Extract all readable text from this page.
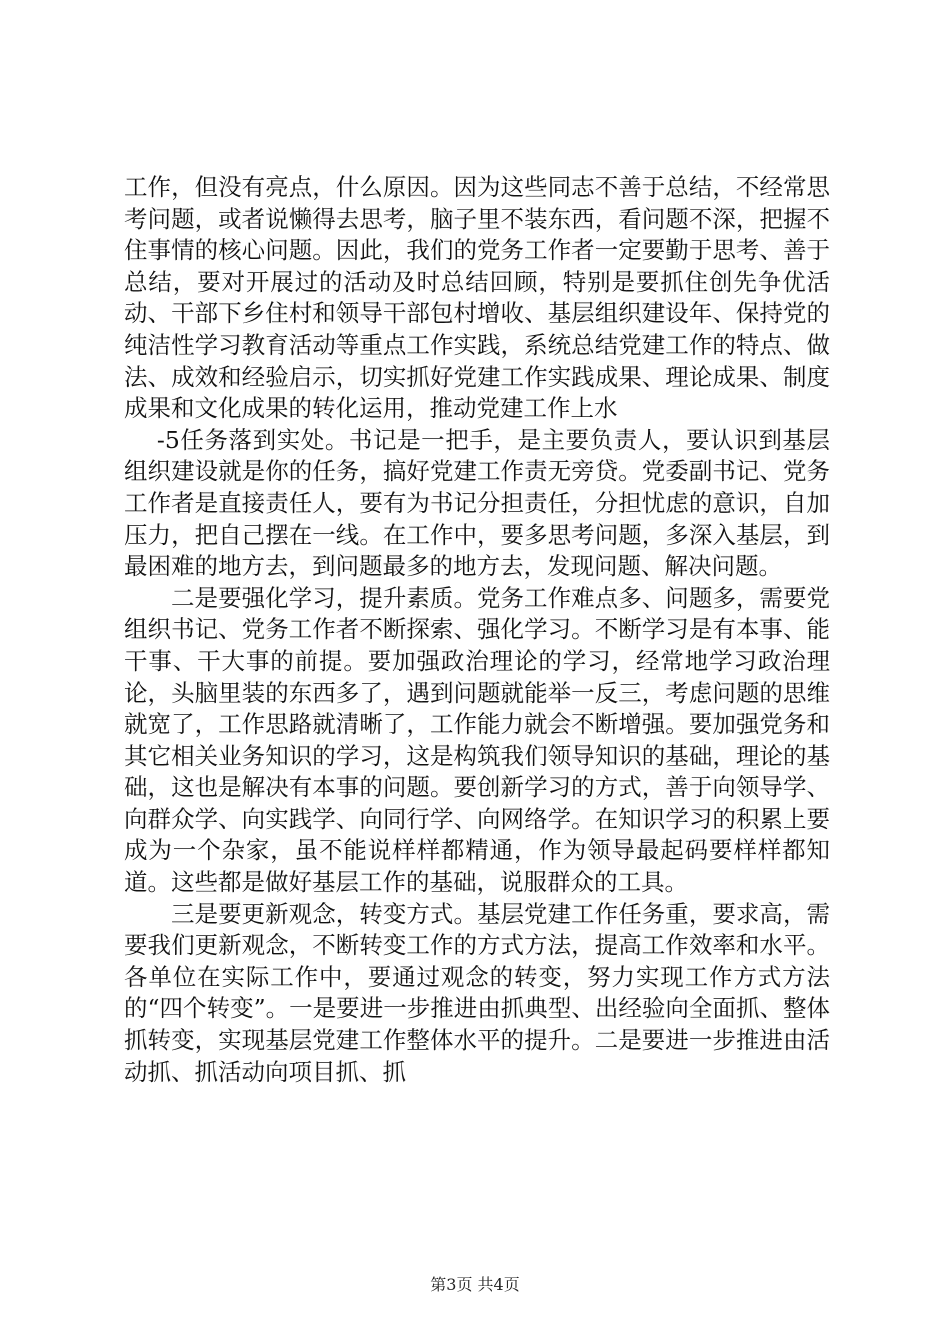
工作，但没有亮点，什么原因。因为这些同志不善于总结，不经常思考问题，或者说懒得去思考，脑子里不装东西，看问题不深，把握不住事情的核心问题。因此，我们的党务工作者一定要勤于思考、善于总结，要对开展过的活动及时总结回顾，特别是要抓住创先争优活动、干部下乡住村和领导干部包村增收、基层组织建设年、保持党的纯洁性学习教育活动等重点工作实践，系统总结党建工作的特点、做法、成效和经验启示，切实抓好党建工作实践成果、理论成果、制度成果和文化成果的转化运用，推动党建工作上水

-5任务落到实处。书记是一把手，是主要负责人，要认识到基层组织建设就是你的任务，搞好党建工作责无旁贷。党委副书记、党务工作者是直接责任人，要有为书记分担责任，分担忧虑的意识，自加压力，把自己摆在一线。在工作中，要多思考问题，多深入基层，到最困难的地方去，到问题最多的地方去，发现问题、解决问题。

二是要强化学习，提升素质。党务工作难点多、问题多，需要党组织书记、党务工作者不断探索、强化学习。不断学习是有本事、能干事、干大事的前提。要加强政治理论的学习，经常地学习政治理论，头脑里装的东西多了，遇到问题就能举一反三，考虑问题的思维就宽了，工作思路就清晰了，工作能力就会不断增强。要加强党务和其它相关业务知识的学习，这是构筑我们领导知识的基础，理论的基础，这也是解决有本事的问题。要创新学习的方式，善于向领导学、向群众学、向实践学、向同行学、向网络学。在知识学习的积累上要成为一个杂家，虽不能说样样都精通，作为领导最起码要样样都知道。这些都是做好基层工作的基础，说服群众的工具。

三是要更新观念，转变方式。基层党建工作任务重，要求高，需要我们更新观念，不断转变工作的方式方法，提高工作效率和水平。各单位在实际工作中，要通过观念的转变，努力实现工作方式方法的“四个转变”。一是要进一步推进由抓典型、出经验向全面抓、整体抓转变，实现基层党建工作整体水平的提升。二是要进一步推进由活动抓、抓活动向项目抓、抓

第3页 共4页
